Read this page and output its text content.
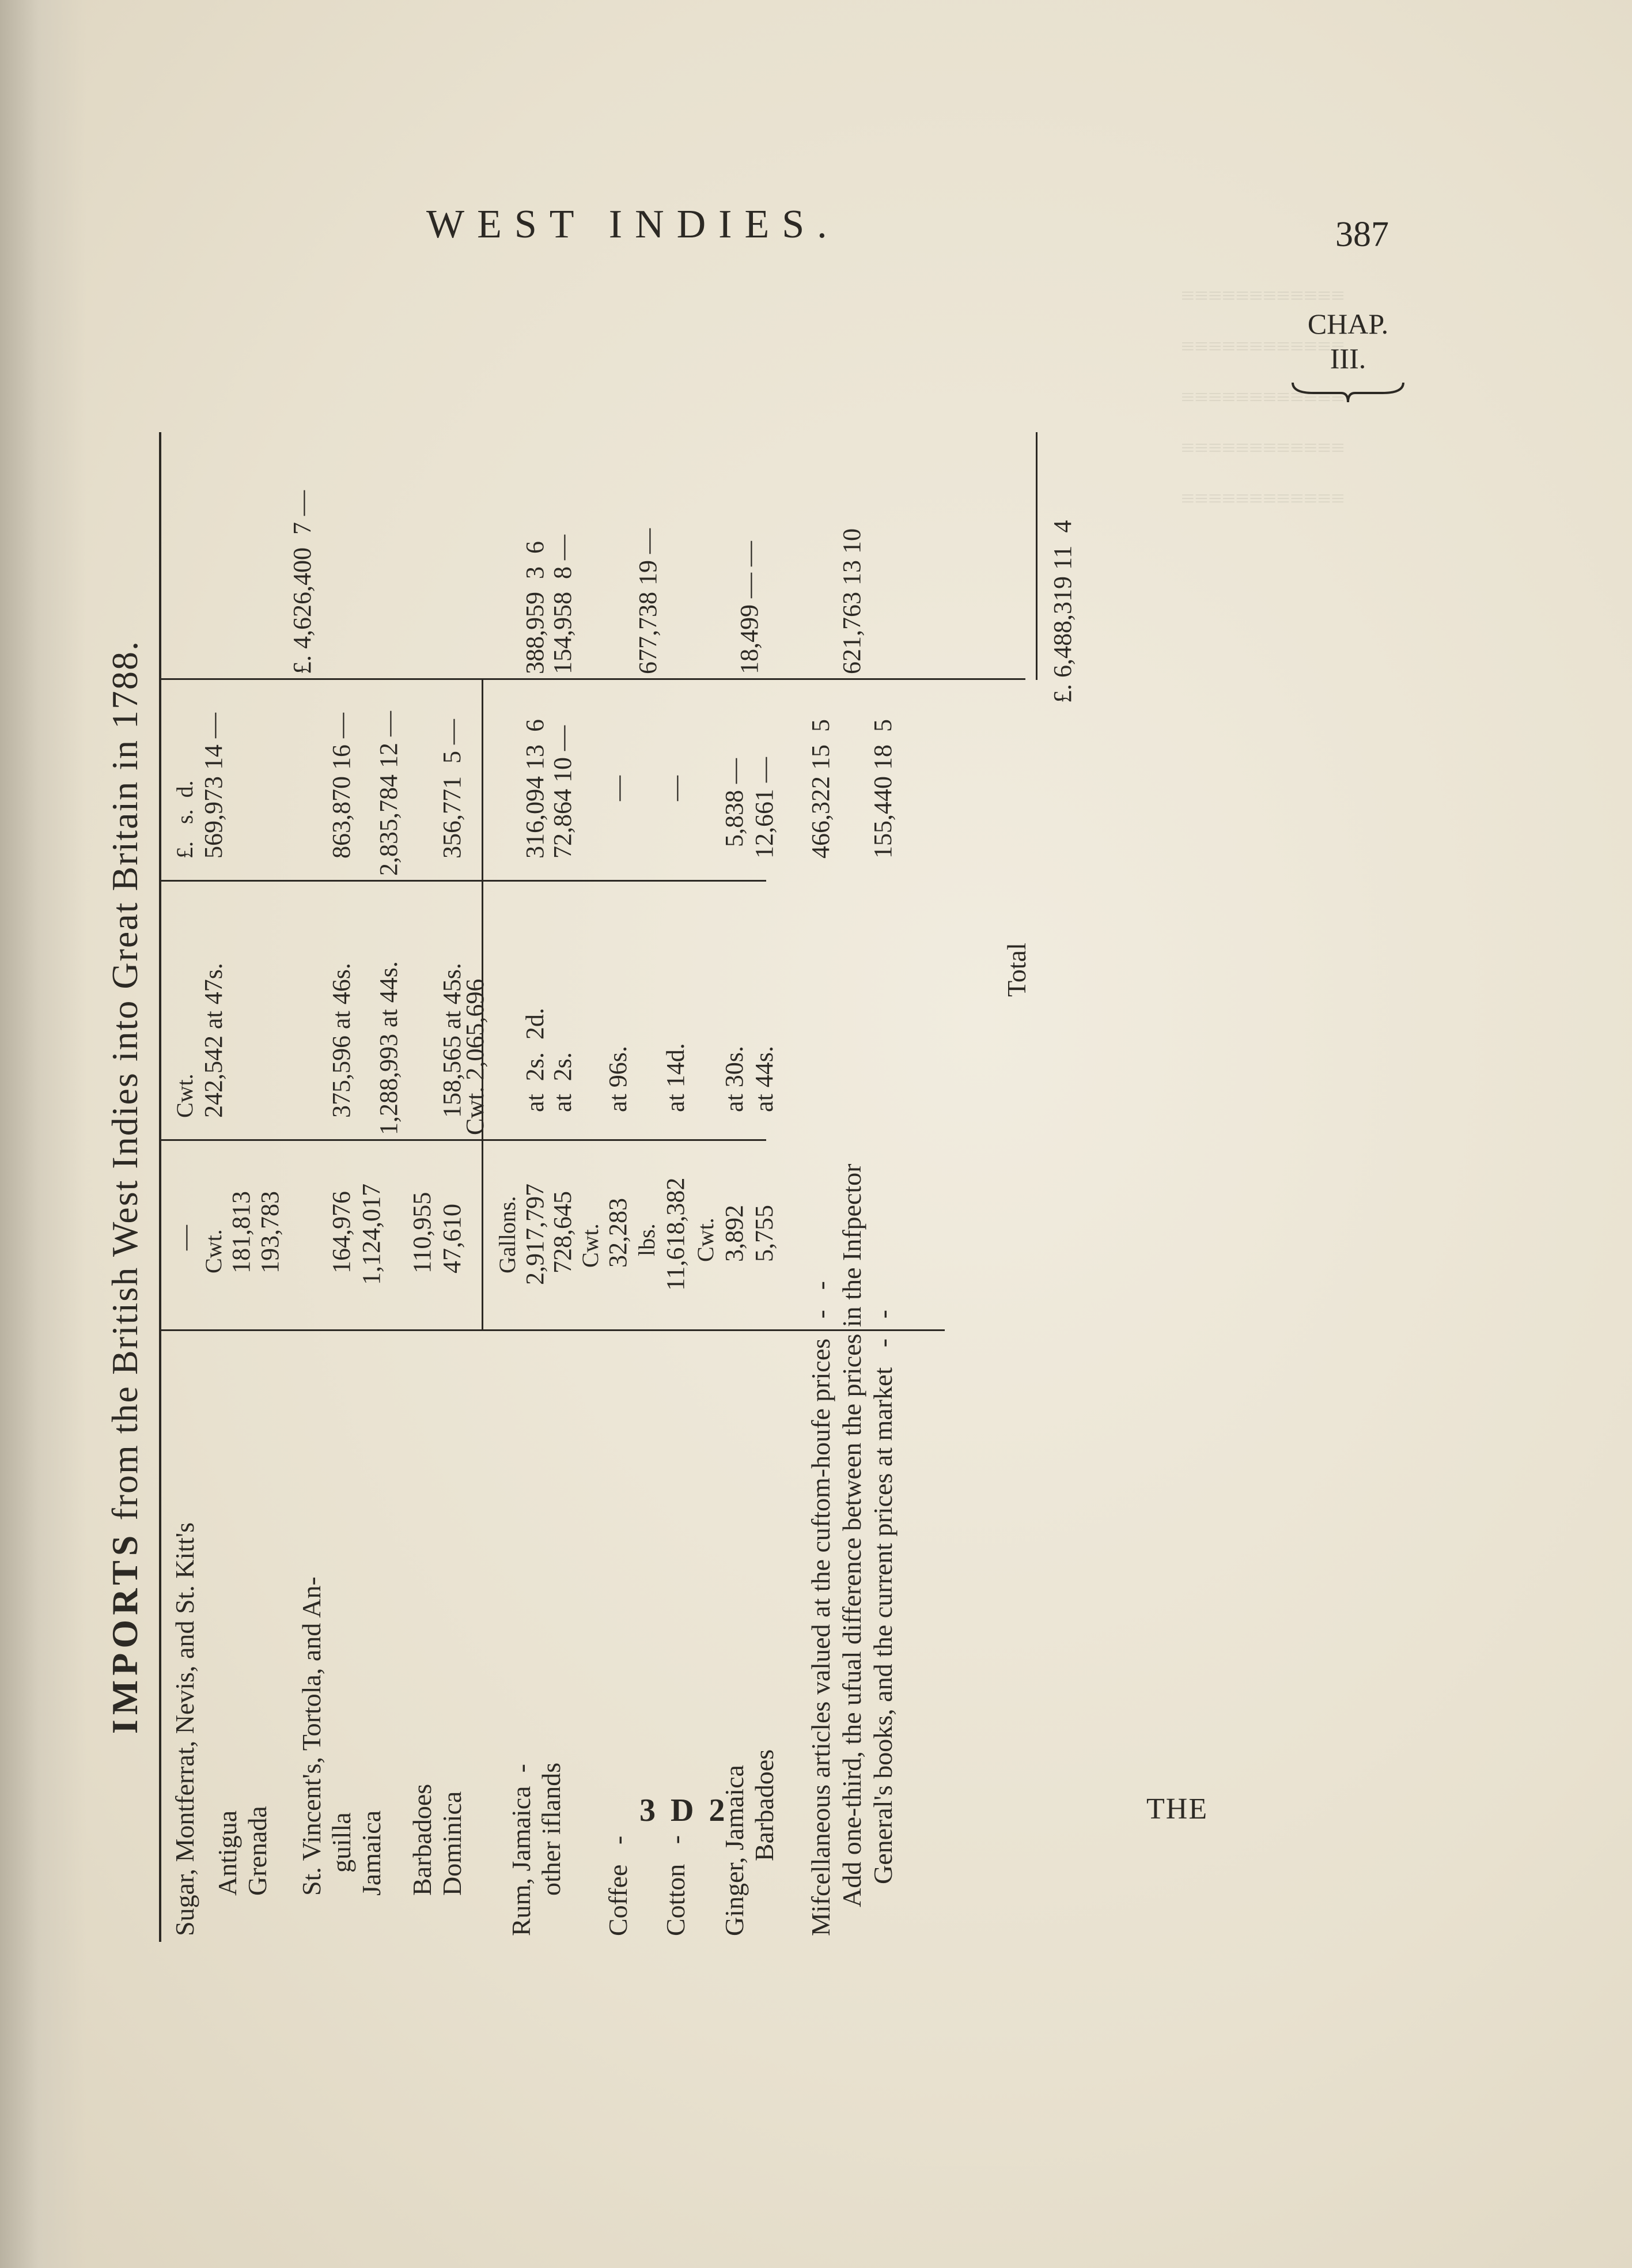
≡≡≡≡≡≡≡≡≡≡≡≡
≡≡≡≡≡≡≡≡≡≡≡≡
≡≡≡≡≡≡≡≡≡≡≡≡
≡≡≡≡≡≡≡≡≡≡≡≡
≡≡≡≡≡≡≡≡≡≡≡≡
WEST INDIES.	387
CHAP.
III.
3 D 2	THE
IMPORTS from the British West Indies into Great Britain in 1788.
Sugar, Montferrat, Nevis, and St. Kitt's Antigua Grenada
— Cwt. 181,813 193,783
Cwt. 242,542 at 47s.
£.   s.  d. 569,973 14 —
St. Vincent's, Tortola, and An- guilla Jamaica
164,976 1,124,017
375,596 at 46s.
863,870 16 —
Barbadoes Dominica
110,955 47,610
1,288,993 at 44s. 158,565 at 45s.
2,835,784 12 — 356,771  5 —
£. 4,626,400  7 —
Rum, Jamaica  - other iflands
Gallons. 2,917,797 728,645
Cwt. 2,065,696 at  2s.  2d. at  2s.
316,094 13  6 72,864 10 —
388,959  3  6
Coffee   -
Cwt. 32,283
at 96s.
—
154,958  8 —
Cotton   -
lbs. 11,618,382
at 14d.
—
677,738 19 —
Ginger, Jamaica Barbadoes
Cwt. 3,892 5,755
at 30s. at 44s.
5,838 — 12,661 —
18,499 — —
Mifcellaneous articles valued at the cuftom-houfe prices   -   - Add one-third, the ufual difference between the prices in the Infpector General's books, and the current prices at market   -   -
466,322 15  5 155,440 18  5
621,763 13 10
Total
£. 6,488,319 11  4
